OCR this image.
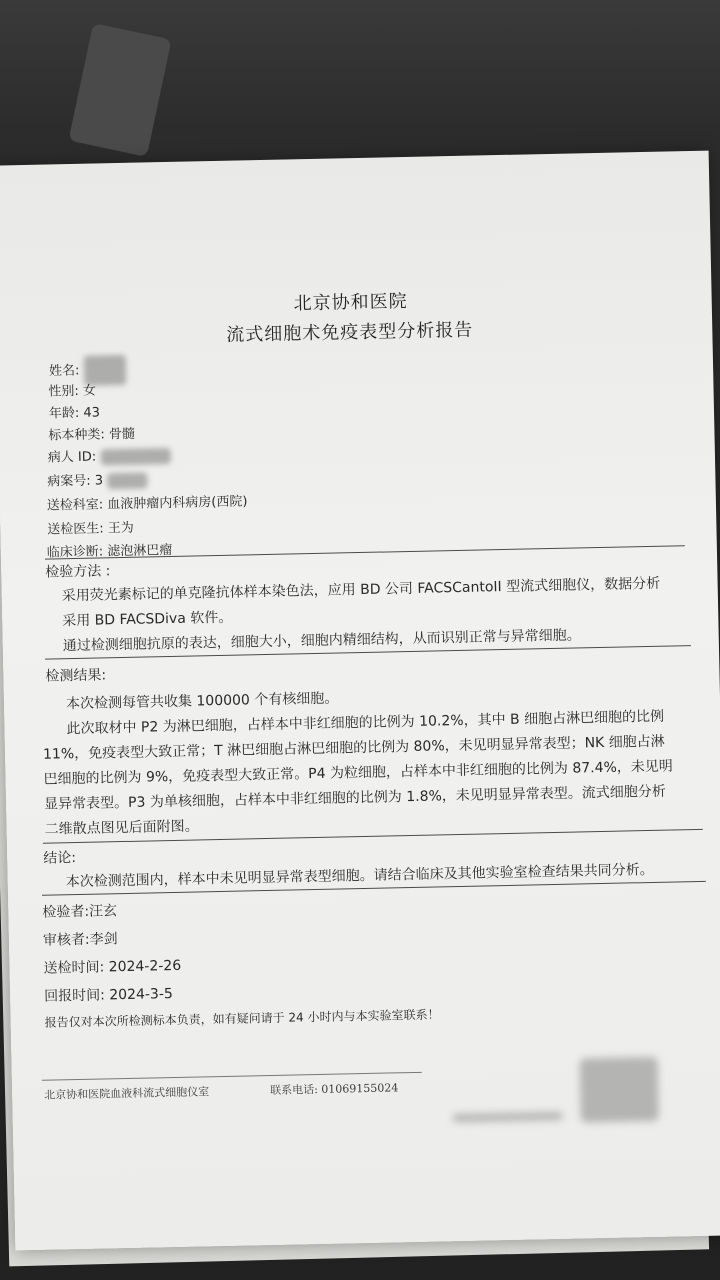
北京协和医院
流式细胞术免疫表型分析报告
姓名:
性别: 女
年龄: 43
标本种类: 骨髓
病人 ID:
病案号: 3
送检科室: 血液肿瘤内科病房(西院)
送检医生: 王为
临床诊断: 滤泡淋巴瘤
检验方法 :
采用荧光素标记的单克隆抗体样本染色法，应用 BD 公司 FACSCantoII 型流式细胞仪，数据分析
采用 BD FACSDiva 软件。
通过检测细胞抗原的表达，细胞大小，细胞内精细结构，从而识别正常与异常细胞。
检测结果:
本次检测每管共收集 100000 个有核细胞。
此次取材中 P2 为淋巴细胞，占样本中非红细胞的比例为 10.2%，其中 B 细胞占淋巴细胞的比例
11%，免疫表型大致正常；T 淋巴细胞占淋巴细胞的比例为 80%，未见明显异常表型；NK 细胞占淋
巴细胞的比例为 9%，免疫表型大致正常。P4 为粒细胞，占样本中非红细胞的比例为 87.4%，未见明
显异常表型。P3 为单核细胞，占样本中非红细胞的比例为 1.8%，未见明显异常表型。流式细胞分析
二维散点图见后面附图。
结论:
本次检测范围内，样本中未见明显异常表型细胞。请结合临床及其他实验室检查结果共同分析。
检验者:汪玄
审核者:李剑
送检时间: 2024-2-26
回报时间: 2024-3-5
报告仅对本次所检测标本负责，如有疑问请于 24 小时内与本实验室联系！
北京协和医院血液科流式细胞仪室	联系电话: 01069155024
